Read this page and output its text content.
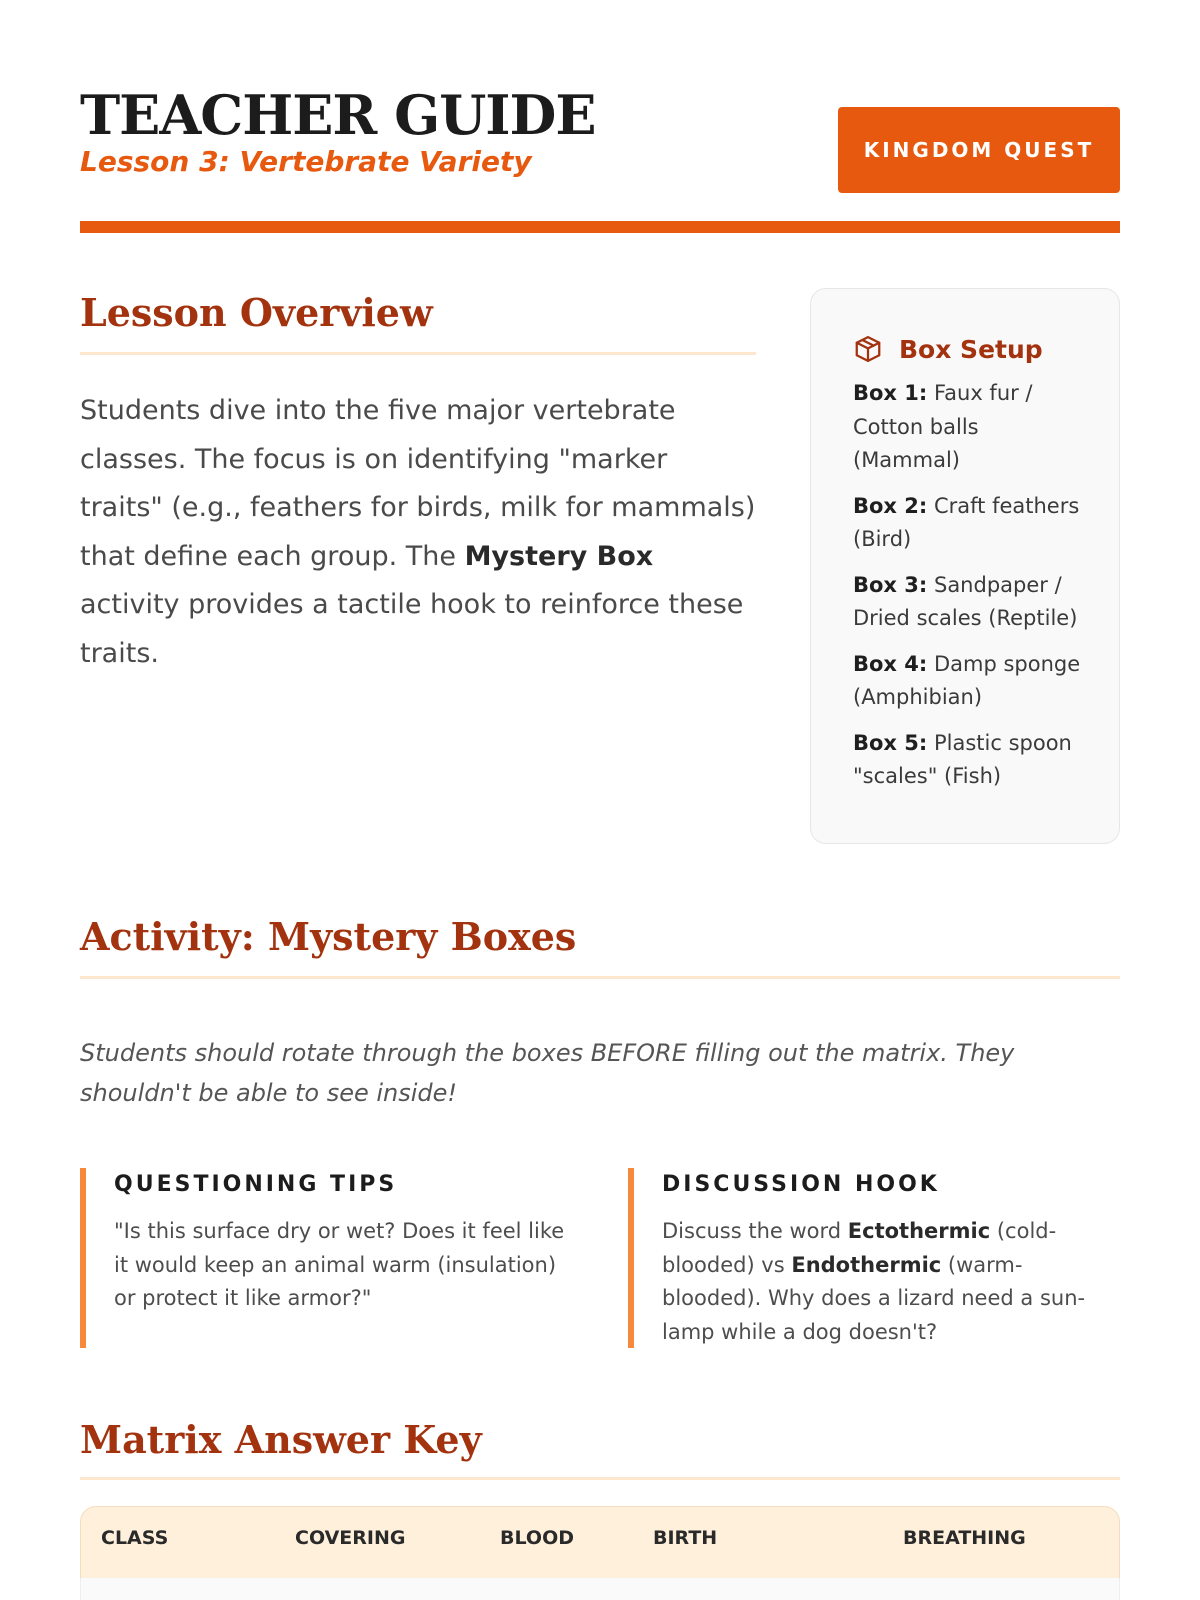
TEACHER GUIDE
Lesson 3: Vertebrate Variety	KINGDOM QUEST
Lesson Overview

Students dive into the five major vertebrate classes. The focus is on identifying "marker traits" (e.g., feathers for birds, milk for mammals) that define each group. The Mystery Box activity provides a tactile hook to reinforce these traits.

Box Setup
Box 1: Faux fur / Cotton balls (Mammal)
Box 2: Craft feathers (Bird)
Box 3: Sandpaper / Dried scales (Reptile)
Box 4: Damp sponge (Amphibian)
Box 5: Plastic spoon "scales" (Fish)
Activity: Mystery Boxes

Students should rotate through the boxes BEFORE filling out the matrix. They shouldn't be able to see inside!

QUESTIONING TIPS
"Is this surface dry or wet? Does it feel like it would keep an animal warm (insulation) or protect it like armor?"
DISCUSSION HOOK
Discuss the word Ectothermic (cold-blooded) vs Endothermic (warm-blooded). Why does a lizard need a sun-lamp while a dog doesn't?
Matrix Answer Key
CLASS	COVERING	BLOOD	BIRTH	BREATHING
